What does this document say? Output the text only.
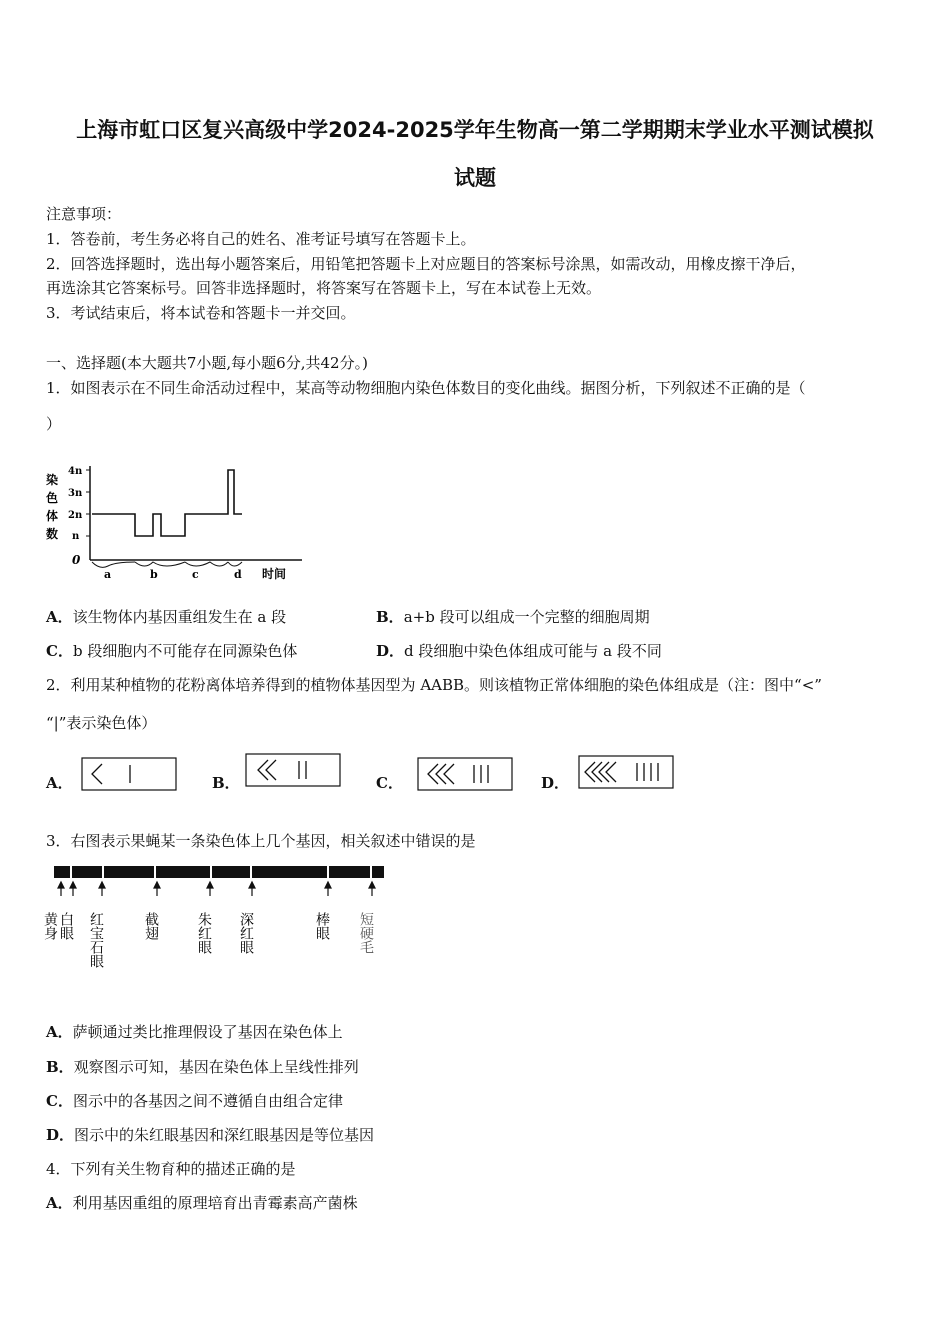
上海市虹口区复兴高级中学2024-2025学年生物高一第二学期期末学业水平测试模拟
试题
注意事项：
1．答卷前，考生务必将自己的姓名、准考证号填写在答题卡上。
2．回答选择题时，选出每小题答案后，用铅笔把答题卡上对应题目的答案标号涂黑，如需改动，用橡皮擦干净后，
再选涂其它答案标号。回答非选择题时，将答案写在答题卡上，写在本试卷上无效。
3．考试结束后，将本试卷和答题卡一并交回。
一、选择题(本大题共7小题,每小题6分,共42分。)
1．如图表示在不同生命活动过程中，某高等动物细胞内染色体数目的变化曲线。据图分析，下列叙述不正确的是（
）
染
色
体
数
4n
3n
2n
n
0
a	b	c	d 时间
A．该生物体内基因重组发生在 a 段	B．a+b 段可以组成一个完整的细胞周期
C．b 段细胞内不可能存在同源染色体	D．d 段细胞中染色体组成可能与 a 段不同
2．利用某种植物的花粉离体培养得到的植物体基因型为 AABB。则该植物正常体细胞的染色体组成是（注：图中“<”
“|”表示染色体）
A．	B．	C．	D．
3．右图表示果蝇某一条染色体上几个基因，相关叙述中错误的是
黄身 白眼 红宝石眼	截翅	朱红眼 深红眼	棒眼 短硬毛
A．萨顿通过类比推理假设了基因在染色体上
B．观察图示可知，基因在染色体上呈线性排列
C．图示中的各基因之间不遵循自由组合定律
D．图示中的朱红眼基因和深红眼基因是等位基因
4．下列有关生物育种的描述正确的是
A．利用基因重组的原理培育出青霉素高产菌株
